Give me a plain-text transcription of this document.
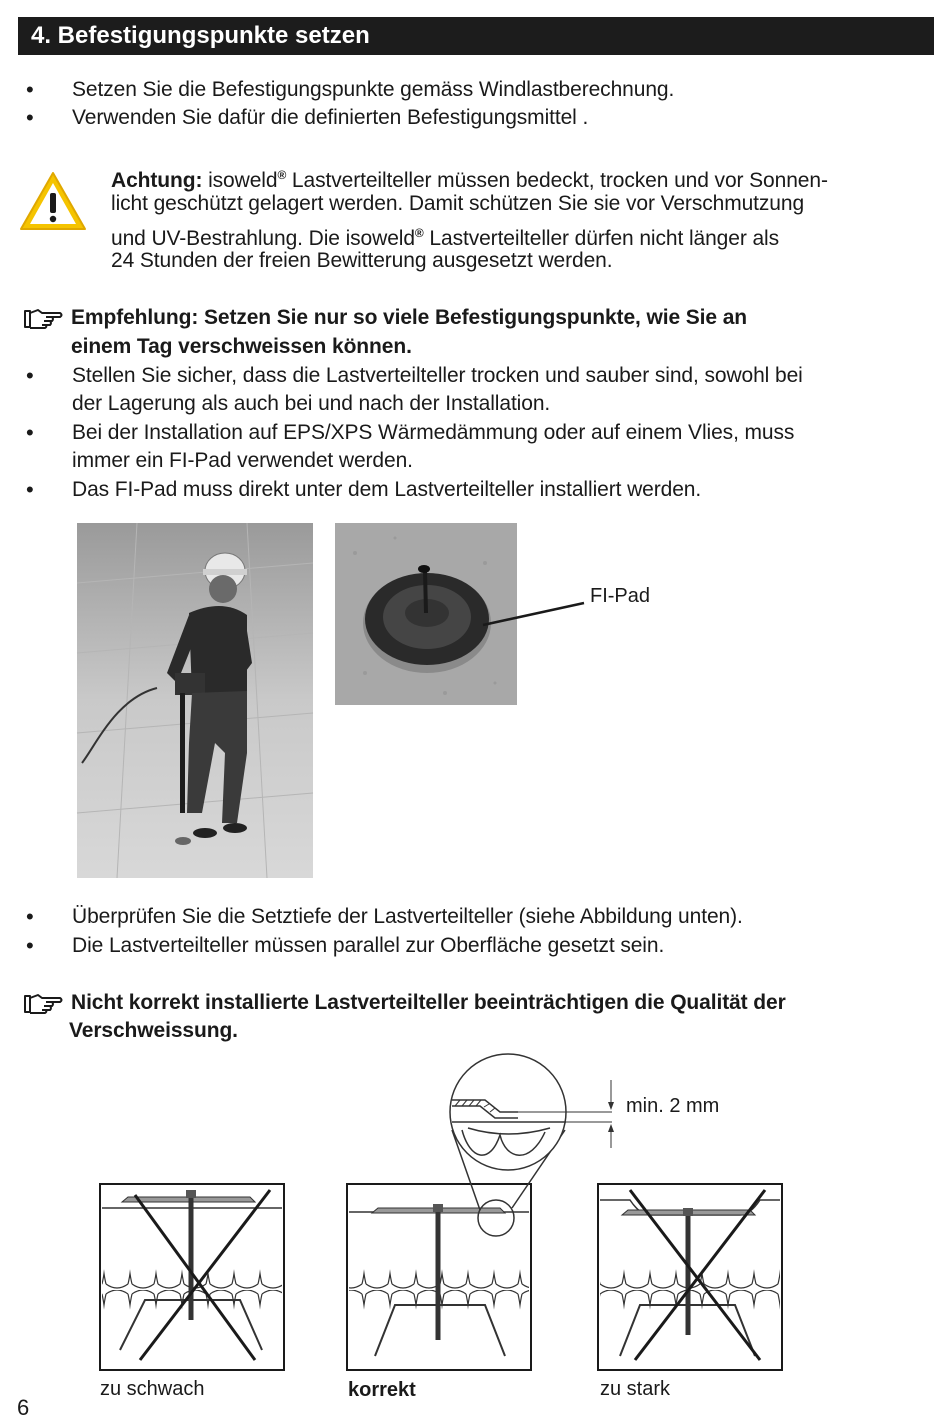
4. Befestigungspunkte setzen
• Setzen Sie die Befestigungspunkte gemäss Windlastberechnung.
• Verwenden Sie dafür die definierten Befestigungsmittel .
Achtung: isoweld® Lastverteilteller müssen bedeckt, trocken und vor Sonnen-
licht geschützt gelagert werden. Damit schützen Sie sie vor Verschmutzung
und UV-Bestrahlung. Die isoweld® Lastverteilteller dürfen nicht länger als
24 Stunden der freien Bewitterung ausgesetzt werden.
Empfehlung: Setzen Sie nur so viele Befestigungspunkte, wie Sie an
einem Tag verschweissen können.
• Stellen Sie sicher, dass die Lastverteilteller trocken und sauber sind, sowohl bei
der Lagerung als auch bei und nach der Installation.
• Bei der Installation auf EPS/XPS Wärmedämmung oder auf einem Vlies, muss
immer ein FI-Pad verwendet werden.
• Das FI-Pad muss direkt unter dem Lastverteilteller installiert werden.
FI-Pad
• Überprüfen Sie die Setztiefe der Lastverteilteller (siehe Abbildung unten).
• Die Lastverteilteller müssen parallel zur Oberfläche gesetzt sein.
Nicht korrekt installierte Lastverteilteller beeinträchtigen die Qualität der
Verschweissung.
min. 2 mm
zu schwach	korrekt	zu stark
6
